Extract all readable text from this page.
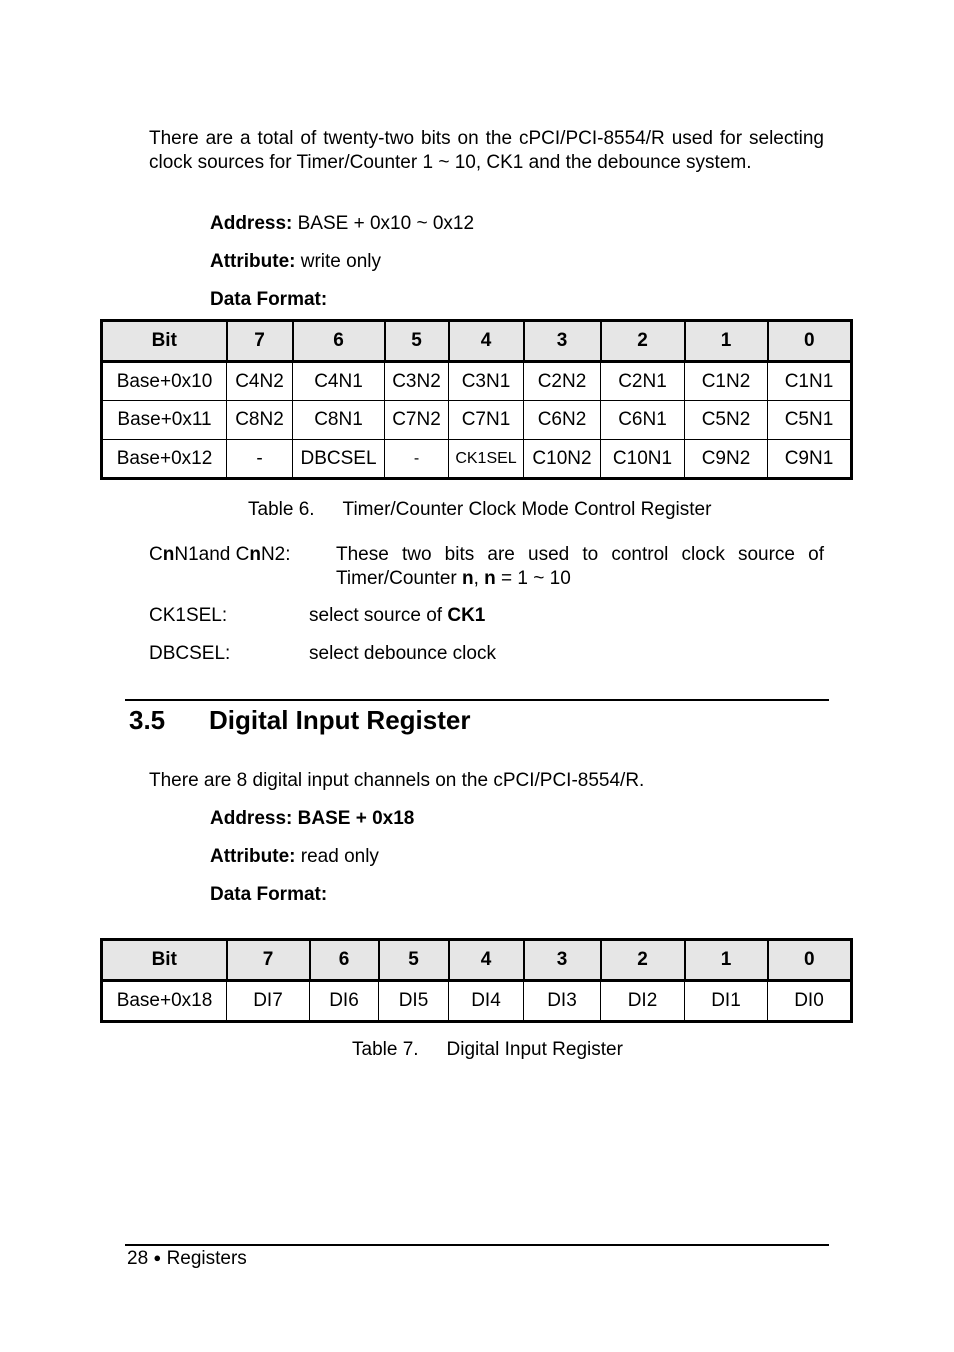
There are a total of twenty-two bits on the cPCI/PCI-8554/R used for selecting clock sources for Timer/Counter 1 ~ 10, CK1 and the debounce system.

Address: BASE + 0x10 ~ 0x12
Attribute: write only
Data Format:
Bit	7	6	5	4	3	2	1	0
Base+0x10	C4N2	C4N1	C3N2	C3N1	C2N2	C2N1	C1N2	C1N1
Base+0x11	C8N2	C8N1	C7N2	C7N1	C6N2	C6N1	C5N2	C5N1
Base+0x12	-	DBCSEL	-	CK1SEL	C10N2	C10N1	C9N2	C9N1
Table 6. Timer/Counter Clock Mode Control Register
CnN1and CnN2: These two bits are used to control clock source of
Timer/Counter n, n = 1 ~ 10
CK1SEL:	select source of CK1
DBCSEL:	select debounce clock
3.5 Digital Input Register
There are 8 digital input channels on the cPCI/PCI-8554/R.
Address: BASE + 0x18
Attribute: read only
Data Format:
Bit	7	6	5	4	3	2	1	0
Base+0x18	DI7	DI6	DI5	DI4	DI3	DI2	DI1	DI0
Table 7. Digital Input Register
28 ● Registers
